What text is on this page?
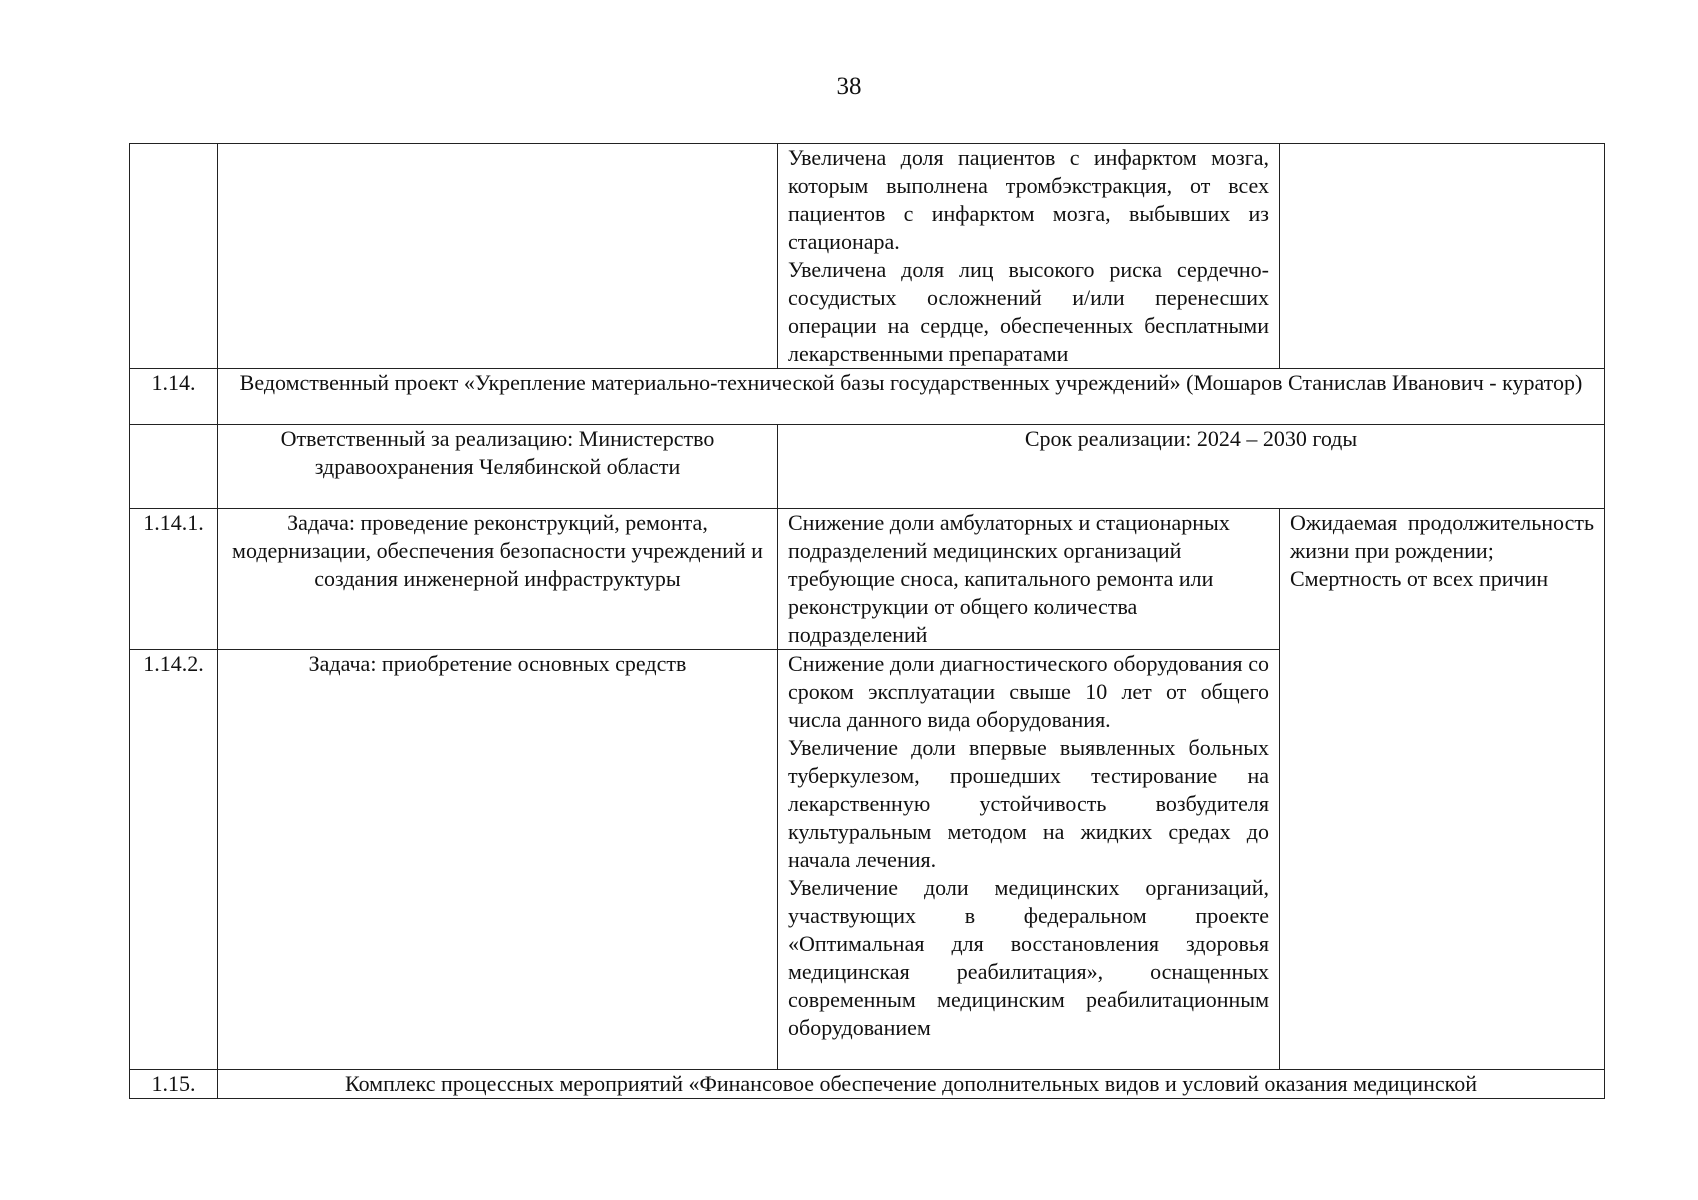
38

		Увеличена доля пациентов с инфарктом мозга, которым выполнена тромбэкстракция, от всех пациентов с инфарктом мозга, выбывших из стационара.
Увеличена доля лиц высокого риска сердечно-сосудистых осложнений и/или перенесших операции на сердце, обеспеченных бесплатными лекарственными препаратами	

1.14.	Ведомственный проект «Укрепление материально-технической базы государственных учреждений» (Мошаров Станислав Иванович - куратор)		
	Ответственный за реализацию: Министерство здравоохранения Челябинской области	Срок реализации: 2024 – 2030 годы	
1.14.1.	Задача: проведение реконструкций, ремонта, модернизации, обеспечения безопасности учреждений и создания инженерной инфраструктуры	Снижение доли амбулаторных и стационарных подразделений медицинских организаций требующие сноса, капитального ремонта или реконструкции от общего количества подразделений	Ожидаемая продолжительность жизни при рождении;
Смертность от всех причин

1.14.2.	Задача: приобретение основных средств	Снижение доли диагностического оборудования со сроком эксплуатации свыше 10 лет от общего числа данного вида оборудования.
Увеличение доли впервые выявленных больных туберкулезом, прошедших тестирование на лекарственную устойчивость возбудителя культуральным методом на жидких средах до начала лечения.
Увеличение доли медицинских организаций, участвующих в федеральном проекте «Оптимальная для восстановления здоровья медицинская реабилитация», оснащенных современным медицинским реабилитационным оборудованием	

1.15.	Комплекс процессных мероприятий «Финансовое обеспечение дополнительных видов и условий оказания медицинской		
